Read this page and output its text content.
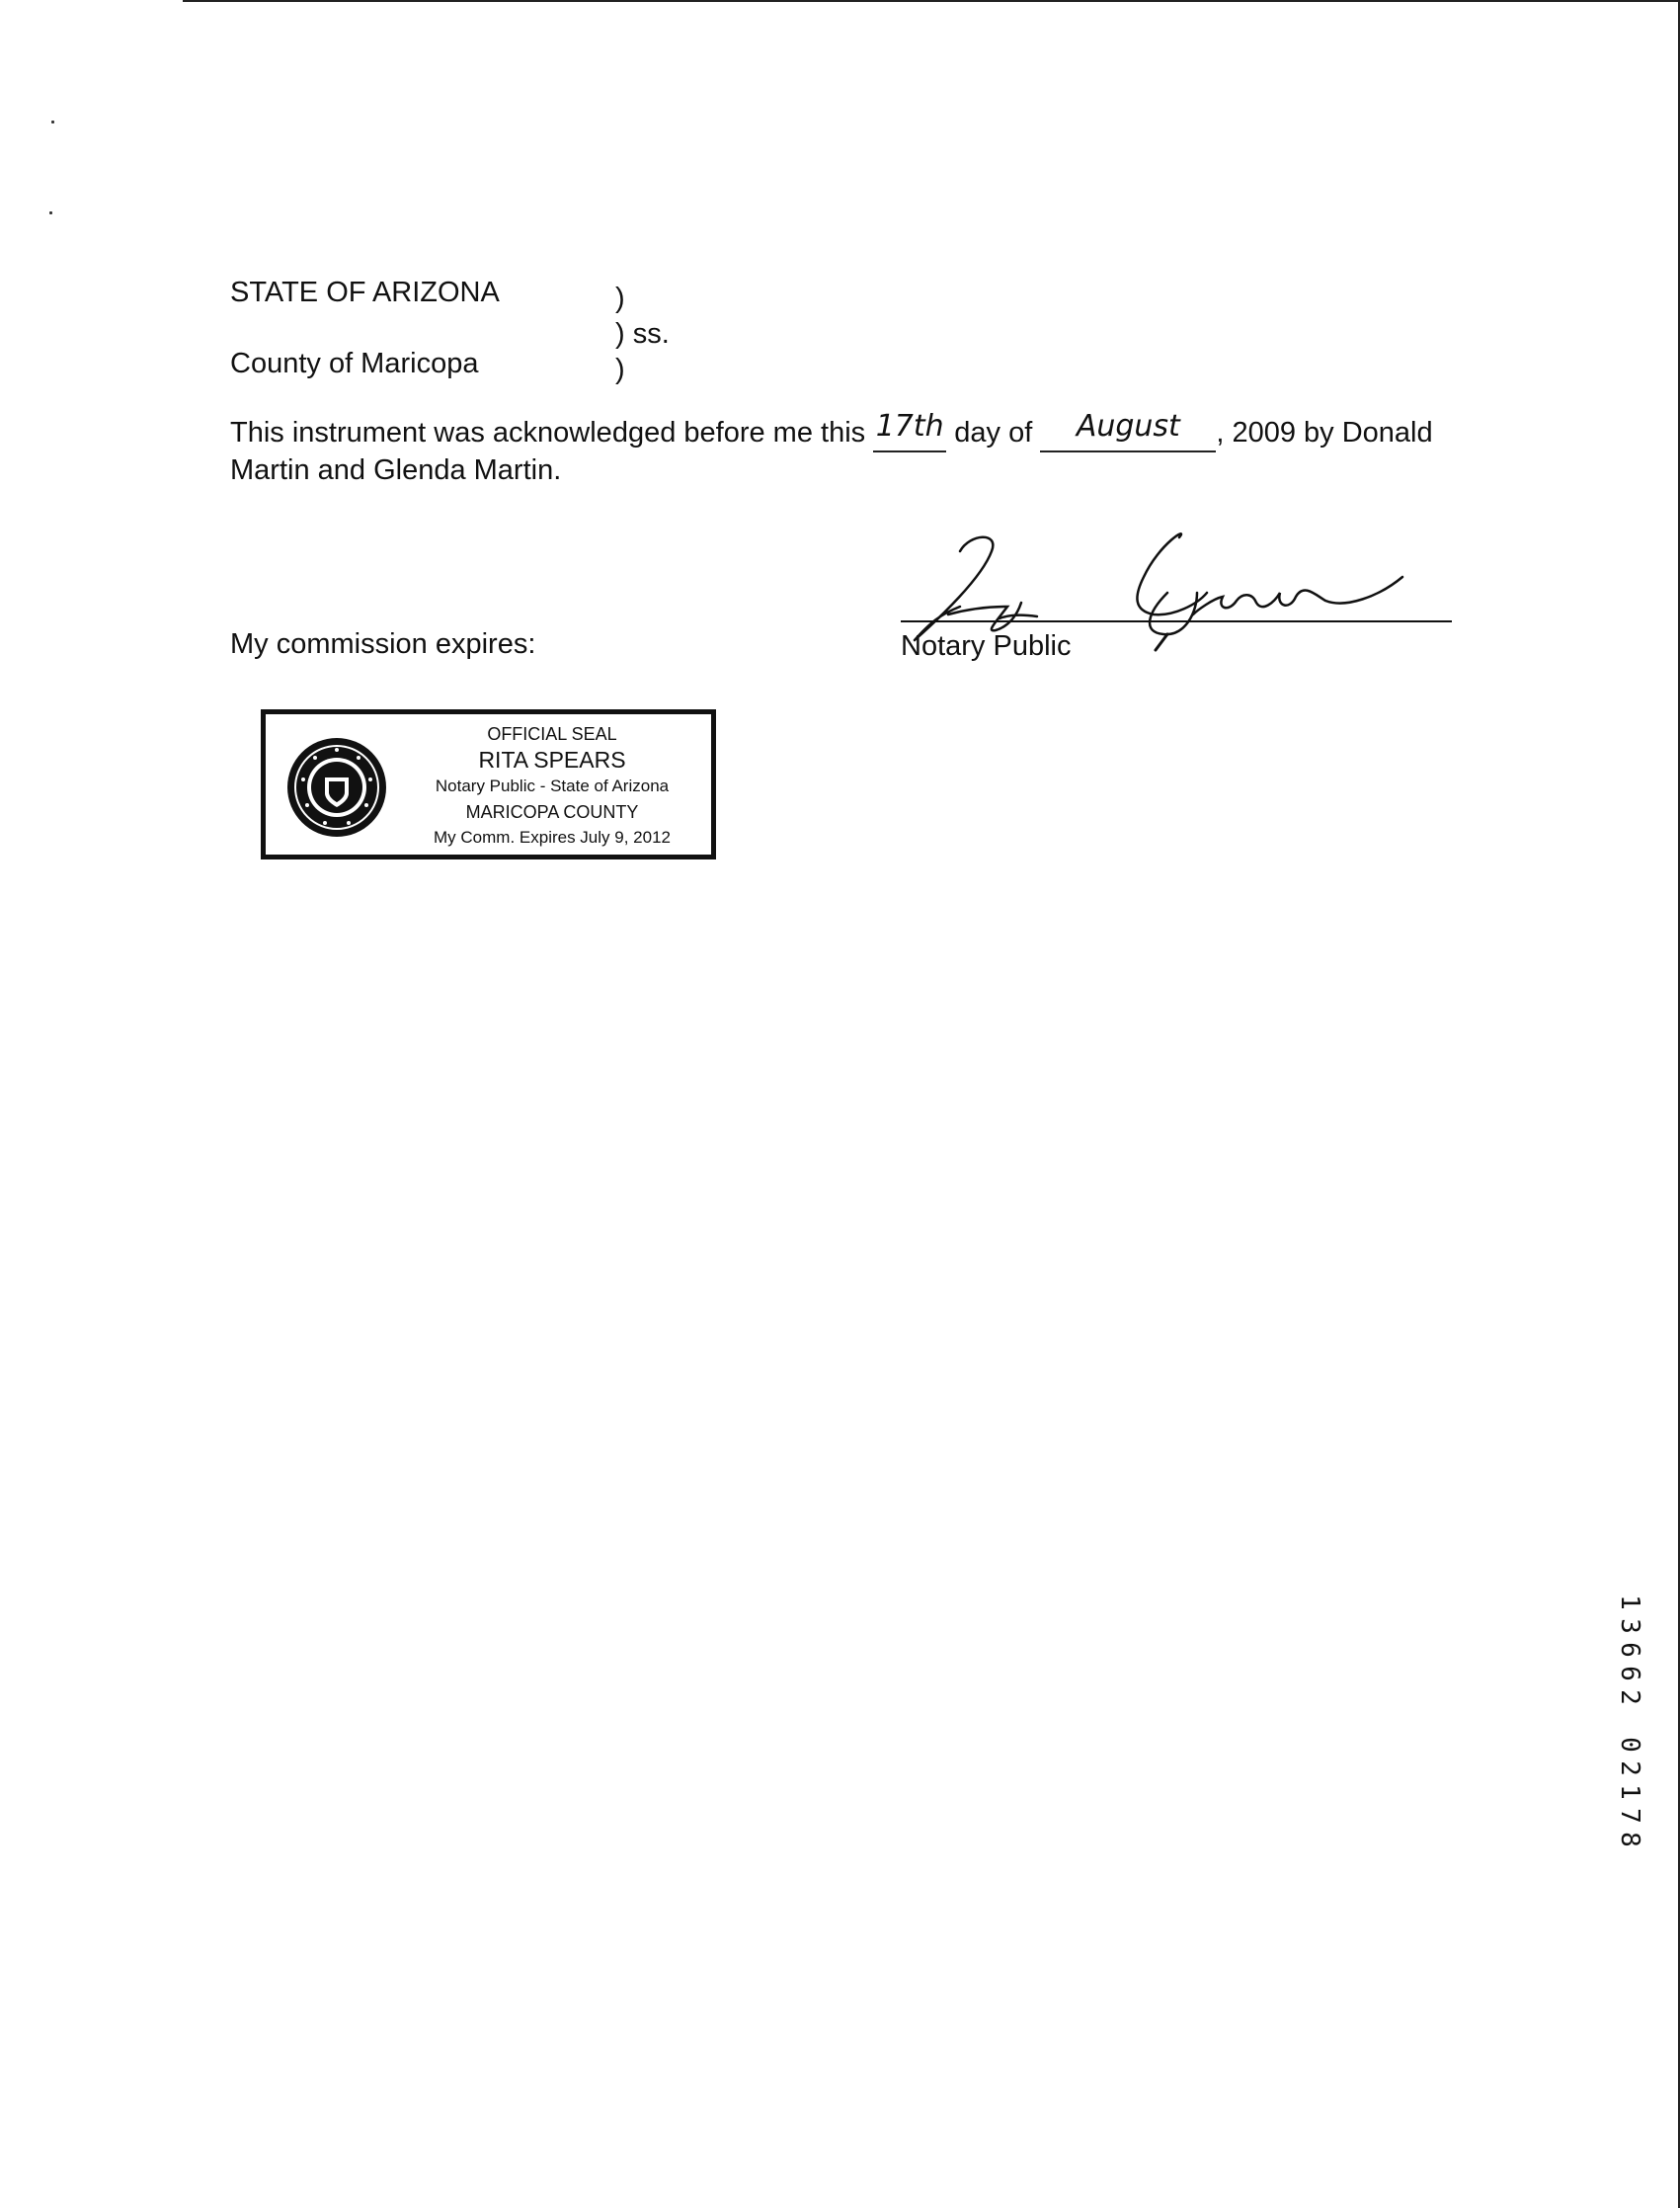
STATE OF ARIZONA
County of Maricopa
)
) ss.
)
This instrument was acknowledged before me this 17th day of August , 2009 by Donald Martin and Glenda Martin.
My commission expires:	Notary Public
OFFICIAL SEAL
RITA SPEARS
Notary Public - State of Arizona
MARICOPA COUNTY
My Comm. Expires July 9, 2012
1
3
6
6
2
0
2
1
7
8
